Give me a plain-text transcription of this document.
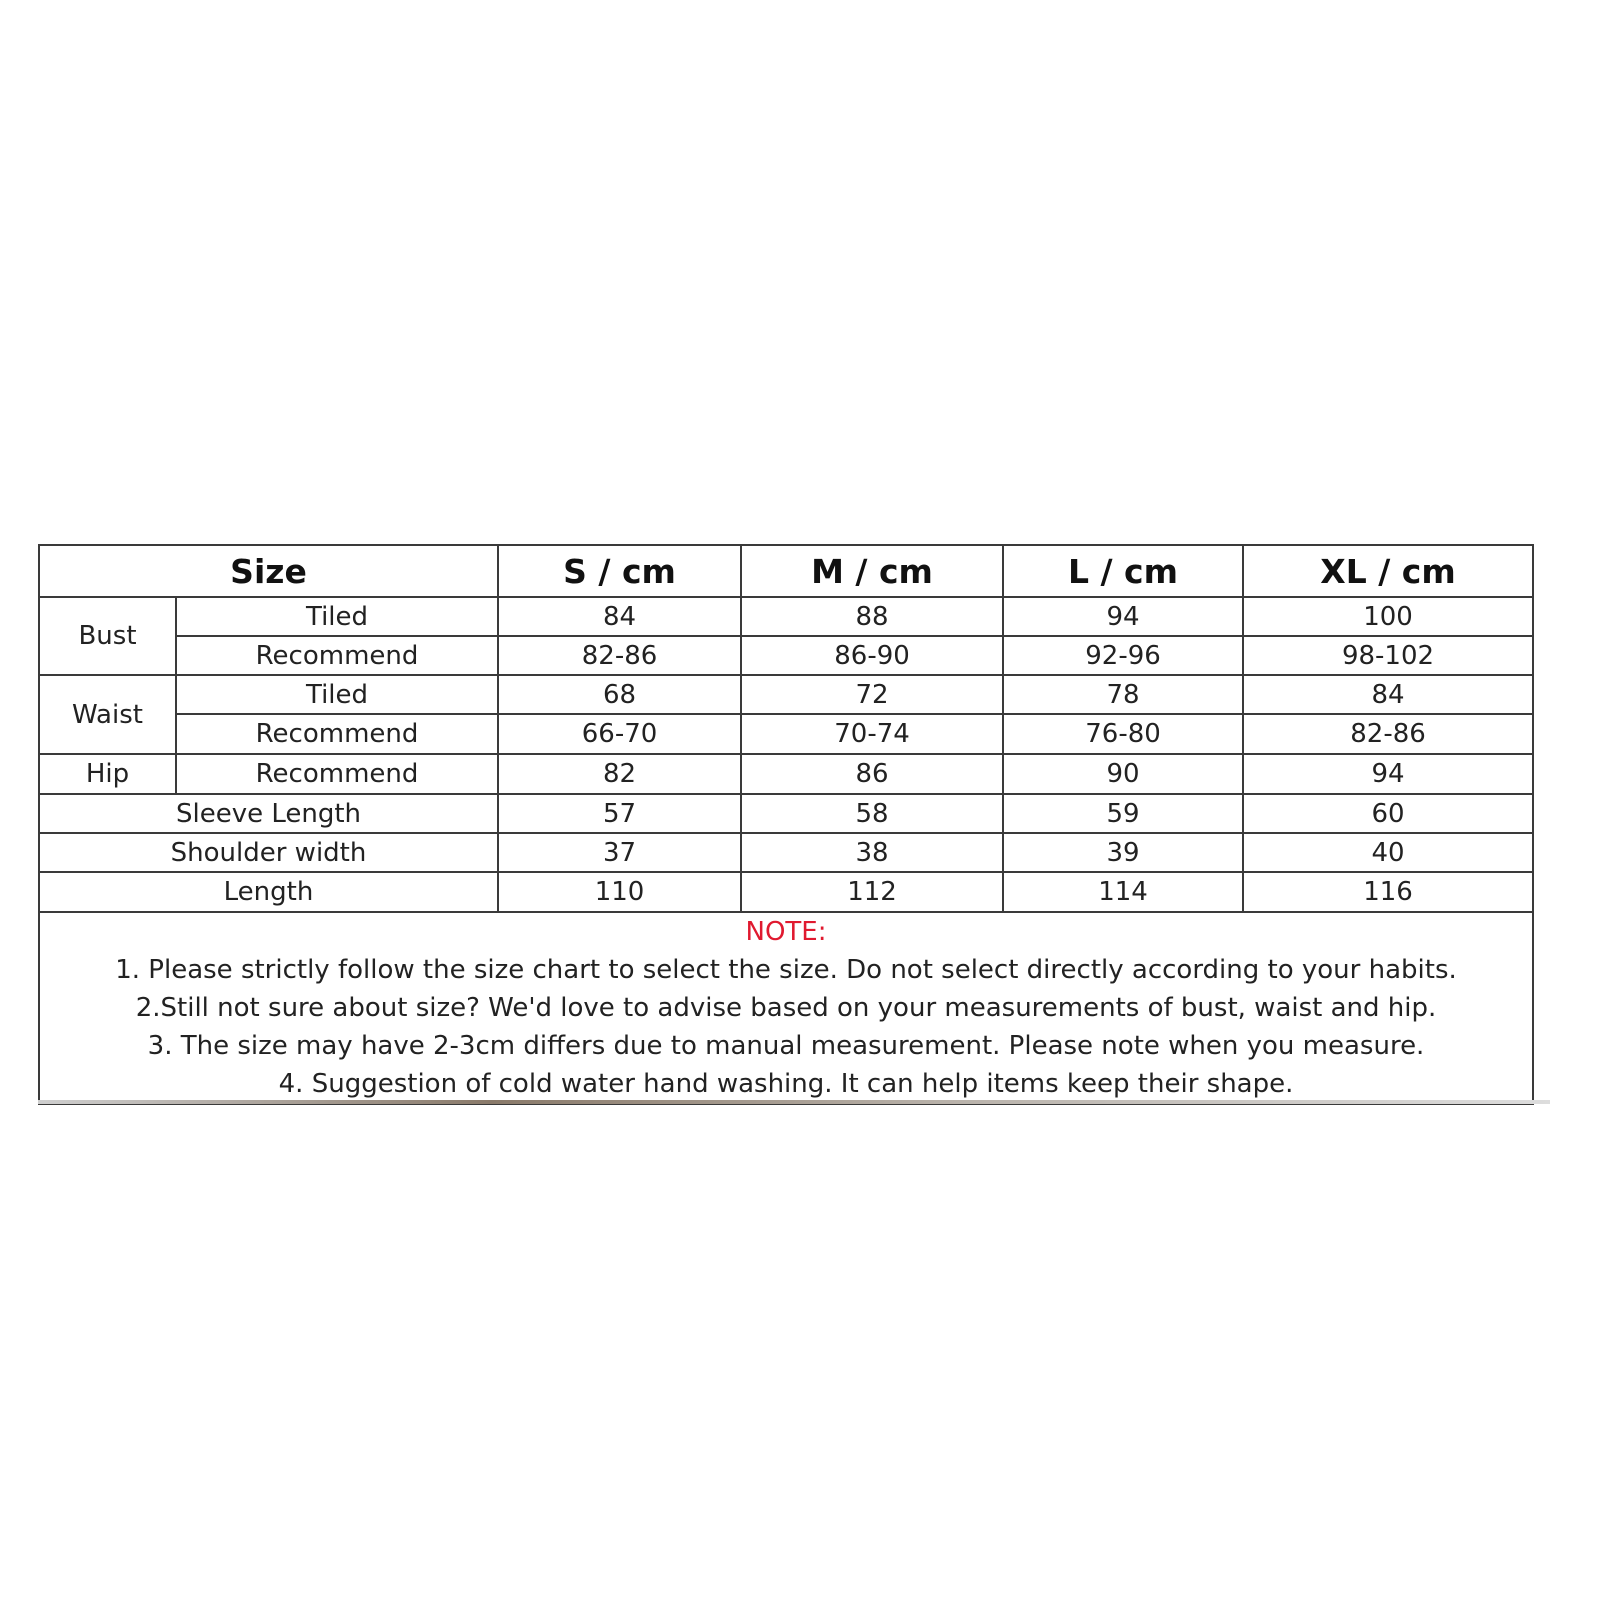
Size		S / cm	M / cm	L / cm	XL / cm
Bust	Tiled	84	88	94	100
	Recommend	82-86	86-90	92-96	98-102
Waist	Tiled	68	72	78	84
	Recommend	66-70	70-74	76-80	82-86
Hip	Recommend	82	86	90	94
Sleeve Length		57	58	59	60
Shoulder width		37	38	39	40
Length		110	112	114	116

NOTE:
1. Please strictly follow the size chart to select the size. Do not select directly according to your habits.
2.Still not sure about size? We'd love to advise based on your measurements of bust, waist and hip.
3. The size may have 2-3cm differs due to manual measurement. Please note when you measure.
4. Suggestion of cold water hand washing. It can help items keep their shape.					
